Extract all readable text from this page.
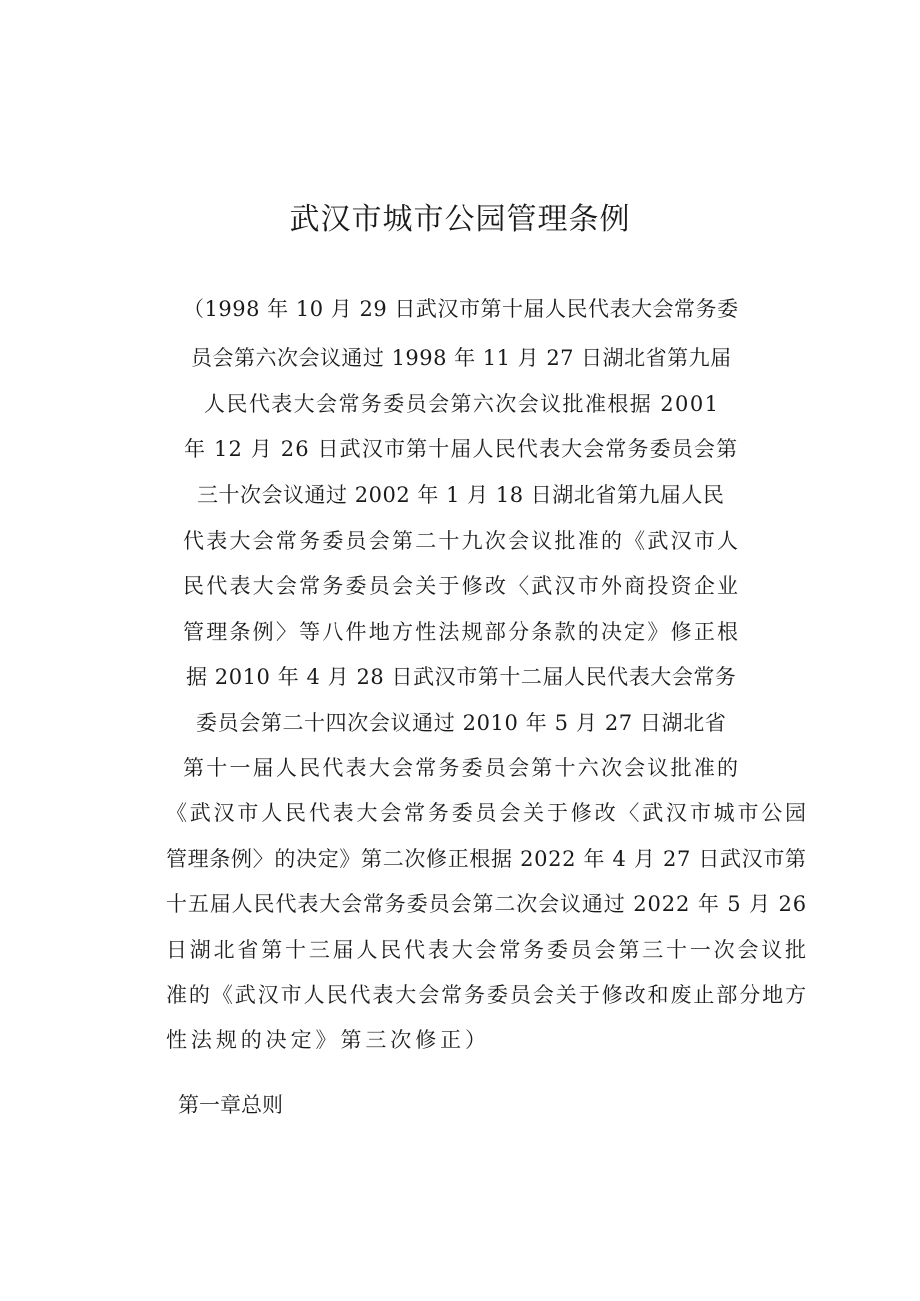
武汉市城市公园管理条例

（1998 年 10 月 29 日武汉市第十届人民代表大会常务委

员会第六次会议通过 1998 年 11 月 27 日湖北省第九届

人民代表大会常务委员会第六次会议批准根据 2001

年 12 月 26 日武汉市第十届人民代表大会常务委员会第

三十次会议通过 2002 年 1 月 18 日湖北省第九届人民

代表大会常务委员会第二十九次会议批准的《武汉市人

民代表大会常务委员会关于修改〈武汉市外商投资企业

管理条例〉等八件地方性法规部分条款的决定》修正根

据 2010 年 4 月 28 日武汉市第十二届人民代表大会常务

委员会第二十四次会议通过 2010 年 5 月 27 日湖北省

第十一届人民代表大会常务委员会第十六次会议批准的

《武汉市人民代表大会常务委员会关于修改〈武汉市城市公园

管理条例〉的决定》第二次修正根据 2022 年 4 月 27 日武汉市第

十五届人民代表大会常务委员会第二次会议通过 2022 年 5 月 26

日湖北省第十三届人民代表大会常务委员会第三十一次会议批

准的《武汉市人民代表大会常务委员会关于修改和废止部分地方

性法规的决定》第三次修正）

第一章总则
